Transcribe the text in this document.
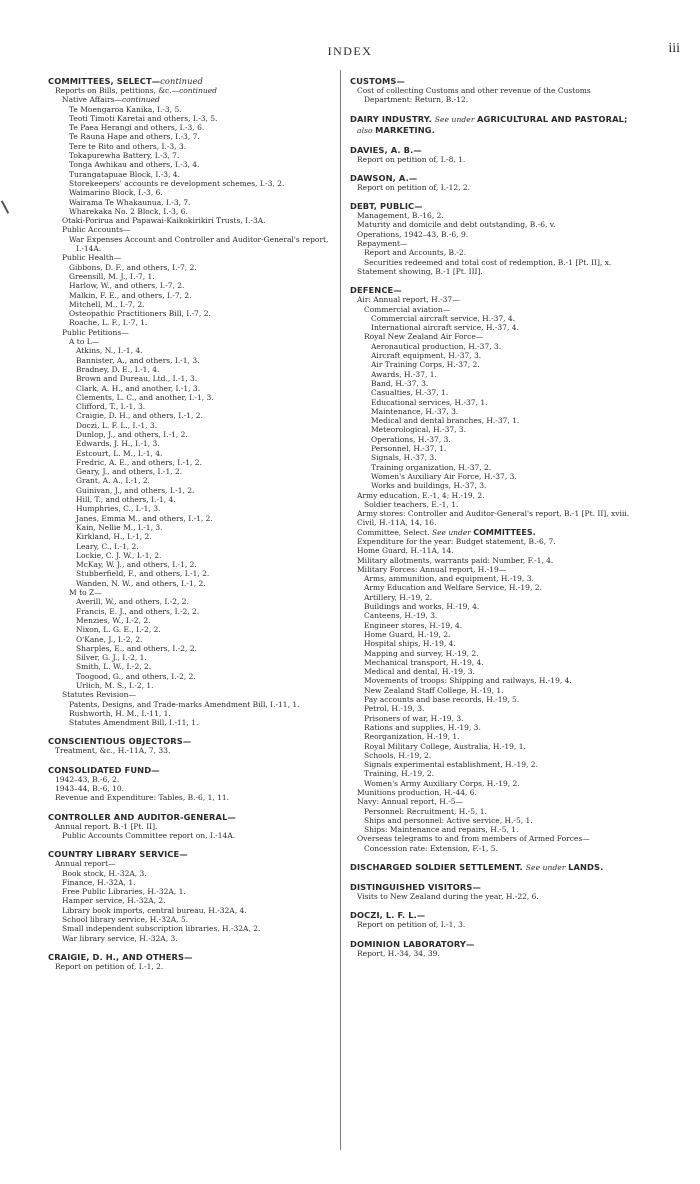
INDEX	iii
COMMITTEES, SELECT—continued
Reports on Bills, petitions, &c.—continued
Native Affairs—continued
Te Moengaroa Kanika, I.-3, 5.
Teoti Timoti Karetai and others, I.-3, 5.
Te Paea Herangi and others, I.-3, 6.
Te Rauna Hape and others, I.-3, 7.
Tere te Rito and others, I.-3, 3.
Tokapurewha Battery, I.-3, 7.
Tonga Awhikau and others, I.-3, 4.
Turangatapuae Block, I.-3, 4.
Storekeepers' accounts re development schemes, I.-3, 2.
Waimarino Block, I.-3, 6.
Wairama Te Whakaunua, I.-3, 7.
Wharekaka No. 2 Block, I.-3, 6.
Otaki-Porirua and Papawai-Kaikokirikiri Trusts, I.-3A.
Public Accounts—
War Expenses Account and Controller and Auditor-General's report, I.-14A.
Public Health—
Gibbons, D. F., and others, I.-7, 2.
Greensill, M. J., I.-7, 1.
Harlow, W., and others, I.-7, 2.
Malkin, F. E., and others, I.-7, 2.
Mitchell, M., I.-7, 2.
Osteopathic Practitioners Bill, I.-7, 2.
Roache, L. F., I.-7, 1.
Public Petitions—
A to L—
Atkins, N., I.-1, 4.
Bannister, A., and others, I.-1, 3.
Bradney, D. E., I.-1, 4.
Brown and Dureau, Ltd., I.-1, 3.
Clark, A. H., and another, I.-1, 3.
Clements, L. C., and another, I.-1, 3.
Clifford, T., I.-1, 3.
Craigie, D. H., and others, I.-1, 2.
Doczi, L. F. L., I.-1, 3.
Dunlop, J., and others, I.-1, 2.
Edwards, J. H., I.-1, 3.
Estcourt, L. M., I.-1, 4.
Fredric, A. E., and others, I.-1, 2.
Geary, J., and others, I.-1, 2.
Grant, A. A., I.-1, 2.
Guinivan, J., and others, I.-1, 2.
Hill, T., and others, I.-1, 4.
Humphries, C., I.-1, 3.
Janes, Emma M., and others, I.-1, 2.
Kain, Nellie M., I.-1, 3.
Kirkland, H., I.-1, 2.
Leary, C., I.-1, 2.
Lockie, C. J. W., I.-1, 2.
McKay, W. J., and others, I.-1, 2.
Stubberfield, F., and others, I.-1, 2.
Wanden, N. W., and others, I.-1, 2.
M to Z—
Averill, W., and others, I.-2, 2.
Francis, E. J., and others, I.-2, 2.
Menzies, W., I.-2, 2.
Nixon, L. G. E., I.-2, 2.
O'Kane, J., I.-2, 2.
Sharples, E., and others, I.-2, 2.
Silver, G. J., I.-2, 1.
Smith, L. W., I.-2, 2.
Toogood, G., and others, I.-2, 2.
Urlich, M. S., I.-2, 1.
Statutes Revision—
Patents, Designs, and Trade-marks Amendment Bill, I.-11, 1.
Rushworth, H. M., I.-11, 1.
Statutes Amendment Bill, I.-11, 1.
CONSCIENTIOUS OBJECTORS—
Treatment, &c., H.-11A, 7, 33.
CONSOLIDATED FUND—
1942–43, B.-6, 2.
1943–44, B.-6, 10.
Revenue and Expenditure: Tables, B.-6, 1, 11.
CONTROLLER AND AUDITOR-GENERAL—
Annual report, B.-1 [Pt. II].
Public Accounts Committee report on, I.-14A.
COUNTRY LIBRARY SERVICE—
Annual report—
Book stock, H.-32A, 3.
Finance, H.-32A, 1.
Free Public Libraries, H.-32A, 1.
Hamper service, H.-32A, 2.
Library book imports, central bureau, H.-32A, 4.
School library service, H.-32A, 5.
Small independent subscription libraries, H.-32A, 2.
War library service, H.-32A, 3.
CRAIGIE, D. H., AND OTHERS—
Report on petition of, I.-1, 2.
CUSTOMS—
Cost of collecting Customs and other revenue of the Customs Department: Return, B.-12.
DAIRY INDUSTRY. See under AGRICULTURAL AND PASTORAL; also MARKETING.
DAVIES, A. B.—
Report on petition of, I.-8, 1.
DAWSON, A.—
Report on petition of, I.-12, 2.
DEBT, PUBLIC—
Management, B.-16, 2.
Maturity and domicile and debt outstanding, B.-6, v.
Operations, 1942–43, B.-6, 9.
Repayment—
Report and Accounts, B.-2.
Securities redeemed and total cost of redemption, B.-1 [Pt. II], x.
Statement showing, B.-1 [Pt. III].
DEFENCE—
Air: Annual report, H.-37—
Commercial aviation—
Commercial aircraft service, H.-37, 4.
International aircraft service, H.-37, 4.
Royal New Zealand Air Force—
Aeronautical production, H.-37, 3.
Aircraft equipment, H.-37, 3.
Air Training Corps, H.-37, 2.
Awards, H.-37, 1.
Band, H.-37, 3.
Casualties, H.-37, 1.
Educational services, H.-37, 1.
Maintenance, H.-37, 3.
Medical and dental branches, H.-37, 1.
Meteorological, H.-37, 3.
Operations, H.-37, 3.
Personnel, H.-37, 1.
Signals, H.-37, 3.
Training organization, H.-37, 2.
Women's Auxiliary Air Force, H.-37, 3.
Works and buildings, H.-37, 3.
Army education, E.-1, 4; H.-19, 2.
Soldier teachers, E.-1, 1.
Army stores: Controller and Auditor-General's report, B.-1 [Pt. II], xviii.
Civil, H.-11A, 14, 16.
Committee, Select. See under COMMITTEES.
Expenditure for the year: Budget statement, B.-6, 7.
Home Guard, H.-11A, 14.
Military allotments, warrants paid: Number, F.-1, 4.
Military Forces: Annual report, H.-19—
Arms, ammunition, and equipment, H.-19, 3.
Army Education and Welfare Service, H.-19, 2.
Artillery, H.-19, 2.
Buildings and works, H.-19, 4.
Canteens, H.-19, 3.
Engineer stores, H.-19, 4.
Home Guard, H.-19, 2.
Hospital ships, H.-19, 4.
Mapping and survey, H.-19, 2.
Mechanical transport, H.-19, 4.
Medical and dental, H.-19, 3.
Movements of troops: Shipping and railways, H.-19, 4.
New Zealand Staff College, H.-19, 1.
Pay accounts and base records, H.-19, 5.
Petrol, H.-19, 3.
Prisoners of war, H.-19, 3.
Rations and supplies, H.-19, 3.
Reorganization, H.-19, 1.
Royal Military College, Australia, H.-19, 1.
Schools, H.-19, 2.
Signals experimental establishment, H.-19, 2.
Training, H.-19, 2.
Women's Army Auxiliary Corps, H.-19, 2.
Munitions production, H.-44, 6.
Navy: Annual report, H.-5—
Personnel: Recruitment, H.-5, 1.
Ships and personnel: Active service, H.-5, 1.
Ships: Maintenance and repairs, H.-5, 1.
Overseas telegrams to and from members of Armed Forces—
Concession rate: Extension, F.-1, 5.
DISCHARGED SOLDIER SETTLEMENT. See under LANDS.
DISTINGUISHED VISITORS—
Visits to New Zealand during the year, H.-22, 6.
DOCZI, L. F. L.—
Report on petition of, I.-1, 3.
DOMINION LABORATORY—
Report, H.-34, 34, 39.
